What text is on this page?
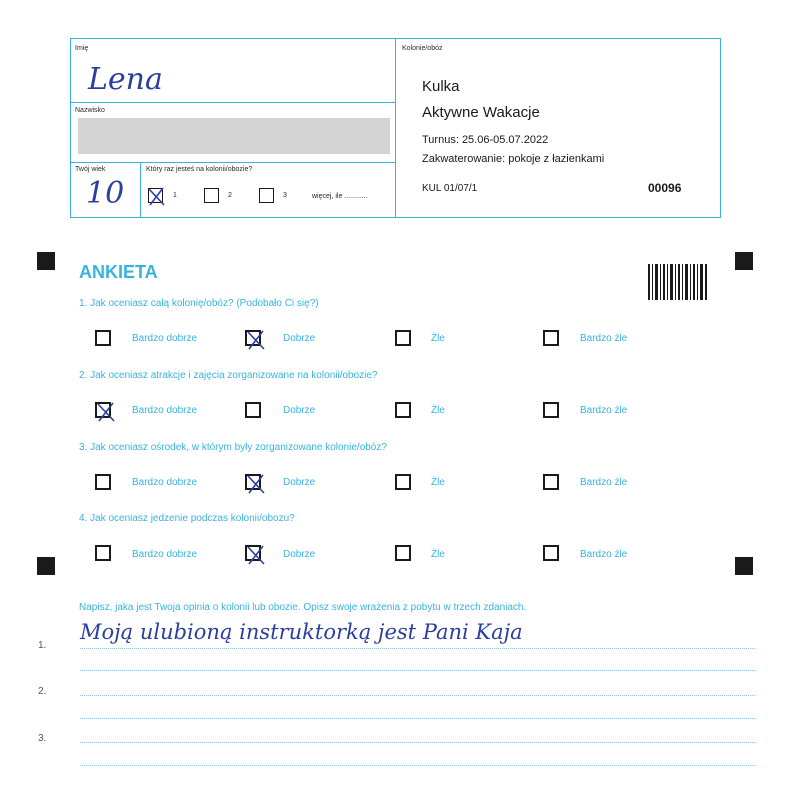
Imię
Lena
Nazwisko
Twój wiek
10
Który raz jesteś na kolonii/obozie?
1	2	3	więcej, ile ............
Kolonie/obóz
Kulka
Aktywne Wakacje
Turnus: 25.06-05.07.2022
Zakwaterowanie: pokoje z łazienkami
KUL 01/07/1	00096
ANKIETA
1. Jak oceniasz całą kolonię/obóz? (Podobało Ci się?)
Bardzo dobrze	Dobrze	Źle	Bardzo źle
2. Jak oceniasz atrakcje i zajęcia zorganizowane na kolonii/obozie?
Bardzo dobrze	Dobrze	Źle	Bardzo źle
3. Jak oceniasz ośrodek, w którym były zorganizowane kolonie/obóz?
Bardzo dobrze	Dobrze	Źle	Bardzo źle
4. Jak oceniasz jedzenie podczas kolonii/obozu?
Bardzo dobrze	Dobrze	Źle	Bardzo źle
Napisz, jaka jest Twoja opinia o kolonii lub obozie. Opisz swoje wrażenia z pobytu w trzech zdaniach.
1.
Moją ulubioną instruktorką jest Pani Kaja
2.
3.
